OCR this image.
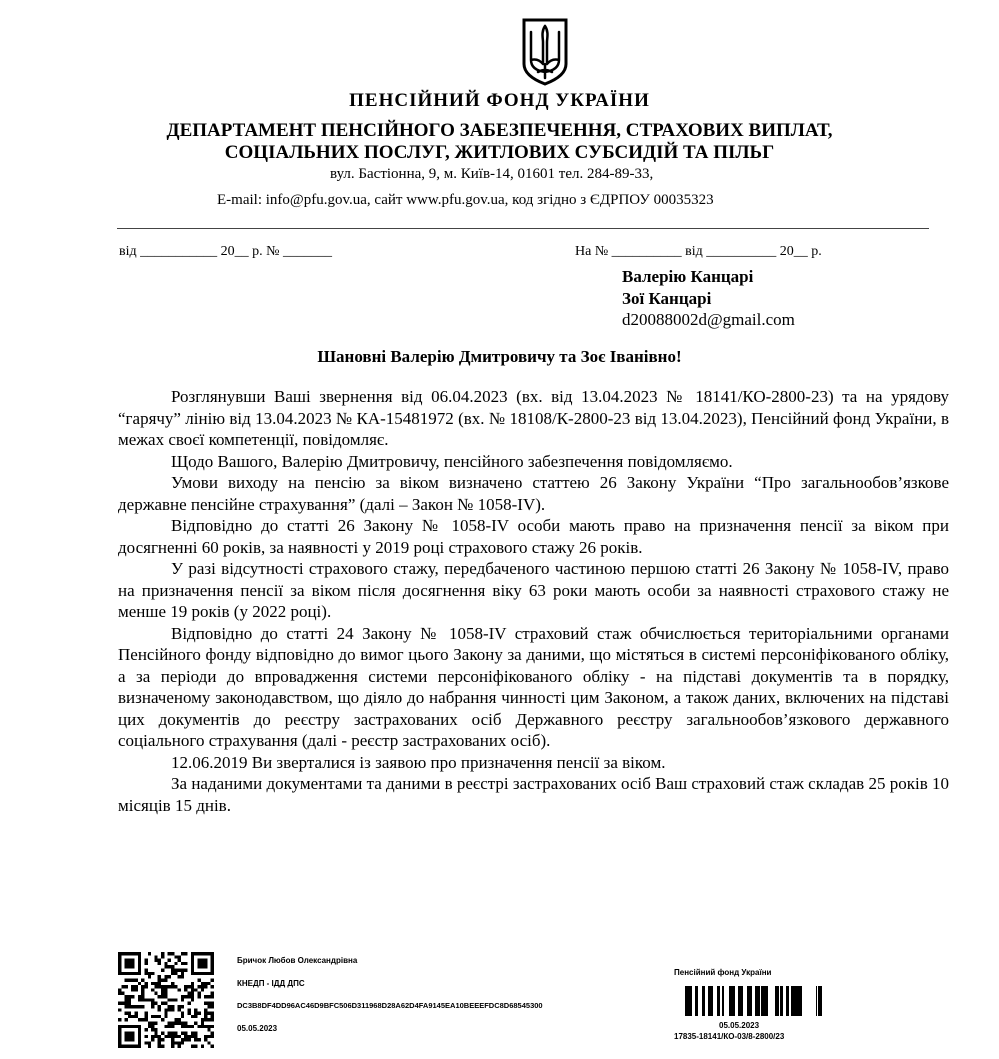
ПЕНСІЙНИЙ ФОНД УКРАЇНИ
ДЕПАРТАМЕНТ ПЕНСІЙНОГО ЗАБЕЗПЕЧЕННЯ, СТРАХОВИХ ВИПЛАТ,
СОЦІАЛЬНИХ ПОСЛУГ, ЖИТЛОВИХ СУБСИДІЙ ТА ПІЛЬГ
вул. Бастіонна, 9, м. Київ-14, 01601 тел. 284-89-33,
E-mail: info@pfu.gov.ua, сайт www.pfu.gov.ua, код згідно з ЄДРПОУ 00035323
від ___________ 20__ р. № _______	На № __________ від __________ 20__ р.
Валерію Канцарі
Зої Канцарі
d20088002d@gmail.com
Шановні Валерію Дмитровичу та Зоє Іванівно!

Розглянувши Ваші звернення від 06.04.2023 (вх. від 13.04.2023 № 18141/КО-2800-23) та на урядову “гарячу” лінію від 13.04.2023 № КА-15481972 (вх. № 18108/К-2800-23 від 13.04.2023), Пенсійний фонд України, в межах своєї компетенції, повідомляє.

Щодо Вашого, Валерію Дмитровичу, пенсійного забезпечення повідомляємо.

Умови виходу на пенсію за віком визначено статтею 26 Закону України “Про загальнообов’язкове державне пенсійне страхування” (далі – Закон № 1058-IV).

Відповідно до статті 26 Закону № 1058-IV особи мають право на призначення пенсії за віком при досягненні 60 років, за наявності у 2019 році страхового стажу 26 років.

У разі відсутності страхового стажу, передбаченого частиною першою статті 26 Закону № 1058-IV, право на призначення пенсії за віком після досягнення віку 63 роки мають особи за наявності страхового стажу не менше 19 років (у 2022 році).

Відповідно до статті 24 Закону № 1058-IV страховий стаж обчислюється територіальними органами Пенсійного фонду відповідно до вимог цього Закону за даними, що містяться в системі персоніфікованого обліку, а за періоди до впровадження системи персоніфікованого обліку - на підставі документів та в порядку, визначеному законодавством, що діяло до набрання чинності цим Законом, а також даних, включених на підставі цих документів до реєстру застрахованих осіб Державного реєстру загальнообов’язкового державного соціального страхування (далі - реєстр застрахованих осіб).

12.06.2019 Ви зверталися із заявою про призначення пенсії за віком.

За наданими документами та даними в реєстрі застрахованих осіб Ваш страховий стаж складав 25 років 10 місяців 15 днів.

Бричок Любов Олександрівна
КНЕДП - ІДД ДПС
DC3B8DF4DD96AC46D9BFC506D311968D28A62D4FA9145EA10BEEEFDC8D68545300
05.05.2023
Пенсійний фонд України
05.05.2023
17835-18141/КО-03/8-2800/23
